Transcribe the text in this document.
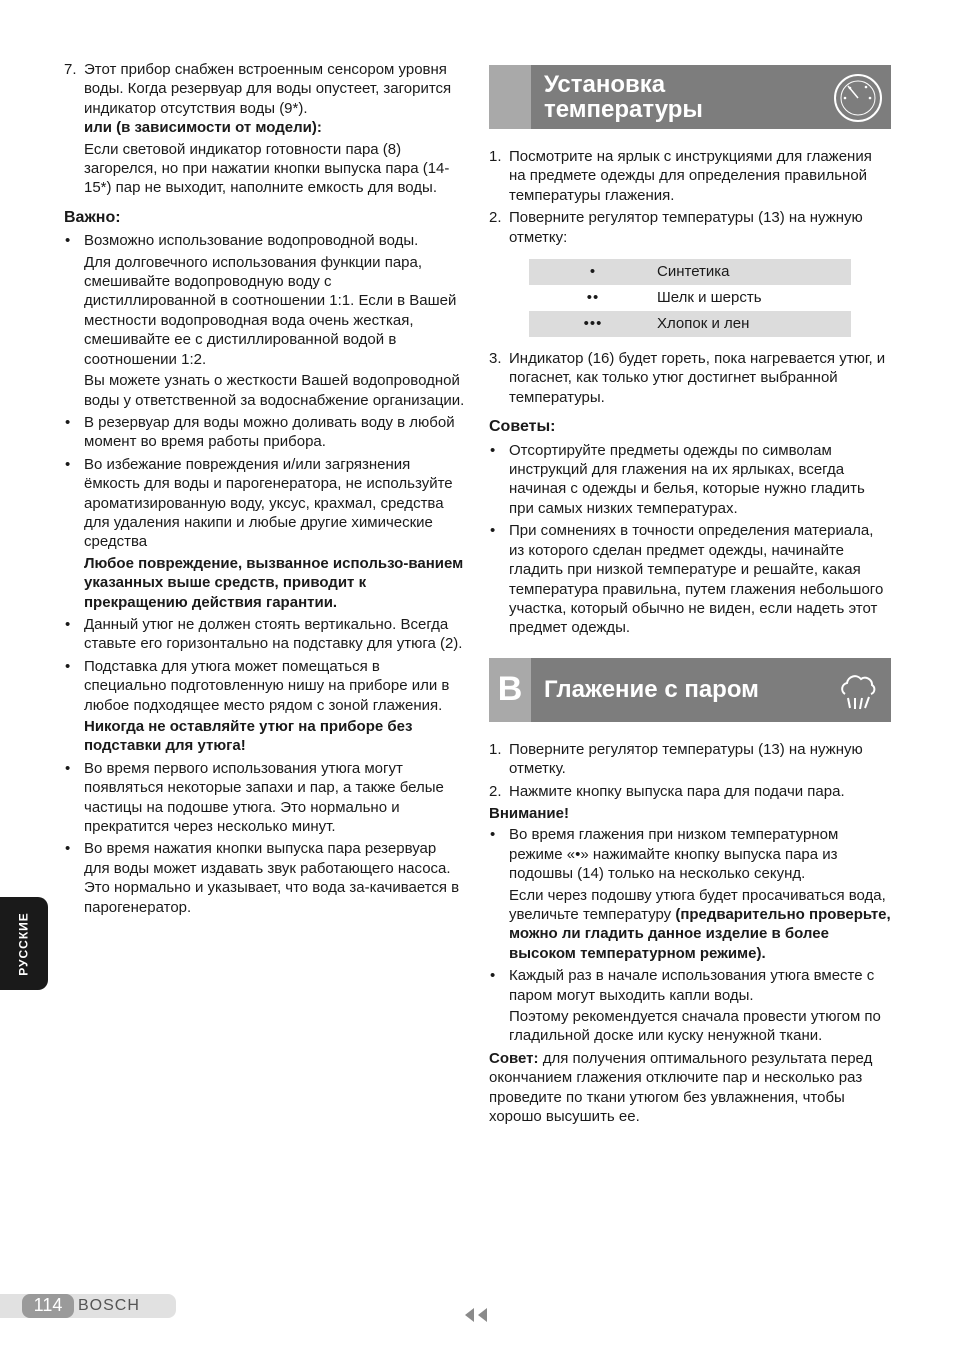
7. Этот прибор снабжен встроенным сенсором уровня воды. Когда резервуар для воды опустеет, загорится индикатор отсутствия воды (9*).

или (в зависимости от модели):

Если световой индикатор готовности пара (8) загорелся, но при нажатии кнопки выпуска пара (14-15*) пар не выходит, наполните емкость для воды.

Важно:

• Возможно использование водопроводной воды.

Для долговечного использования функции пара, смешивайте водопроводную воду с дистиллированной в соотношении 1:1. Если в Вашей местности водопроводная вода очень жесткая, смешивайте ее с дистиллированной водой в соотношении 1:2.

Вы можете узнать о жесткости Вашей водопроводной воды у ответственной за водоснабжение организации.

• В резервуар для воды можно доливать воду в любой момент во время работы прибора.

• Во избежание повреждения и/или загрязнения ёмкость для воды и парогенератора, не используйте ароматизированную воду, уксус, крахмал, средства для удаления накипи и любые другие химические средства

Любое повреждение, вызванное использо-ванием указанных выше средств, приводит к прекращению действия гарантии.

• Данный утюг не должен стоять вертикально. Всегда ставьте его горизонтально на подставку для утюга (2).

• Подставка для утюга может помещаться в специально подготовленную нишу на приборе или в любое подходящее место рядом с зоной глажения.

Никогда не оставляйте утюг на приборе без подставки для утюга!

• Во время первого использования утюга могут появляться некоторые запахи и пар, а также белые частицы на подошве утюга. Это нормально и прекратится через несколько минут.

• Во время нажатия кнопки выпуска пара резервуар для воды может издавать звук работающего насоса. Это нормально и указывает, что вода за-качивается в парогенератор.

Установка
температуры
1. Посмотрите на ярлык с инструкциями для глажения на предмете одежды для определения правильной температуры глажения.

2. Поверните регулятор температуры (13) на нужную отметку:

•	Синтетика
••	Шелк и шерсть
•••	Хлопок и лен
3. Индикатор (16) будет гореть, пока нагревается утюг, и погаснет, как только утюг достигнет выбранной температуры.

Советы:

• Отсортируйте предметы одежды по символам инструкций для глажения на их ярлыках, всегда начиная с одежды и белья, которые нужно гладить при самых низких температурах.

• При сомнениях в точности определения материала, из которого сделан предмет одежды, начинайте гладить при низкой температуре и решайте, какая температура правильна, путем глажения небольшого участка, который обычно не виден, если надеть этот предмет одежды.

B Глажение с паром
1. Поверните регулятор температуры (13) на нужную отметку.

2. Нажмите кнопку выпуска пара для подачи пара.

Внимание!

• Во время глажения при низком температурном режиме «•» нажимайте кнопку выпуска пара из подошвы (14) только на несколько секунд.

Если через подошву утюга будет просачиваться вода, увеличьте температуру (предварительно проверьте, можно ли гладить данное изделие в более высоком температурном режиме).

• Каждый раз в начале использования утюга вместе с паром могут выходить капли воды.

Поэтому рекомендуется сначала провести утюгом по гладильной доске или куску ненужной ткани.

Совет: для получения оптимального результата перед окончанием глажения отключите пар и несколько раз проведите по ткани утюгом без увлажнения, чтобы хорошо высушить ее.

РУССКИЕ
114 BOSCH
